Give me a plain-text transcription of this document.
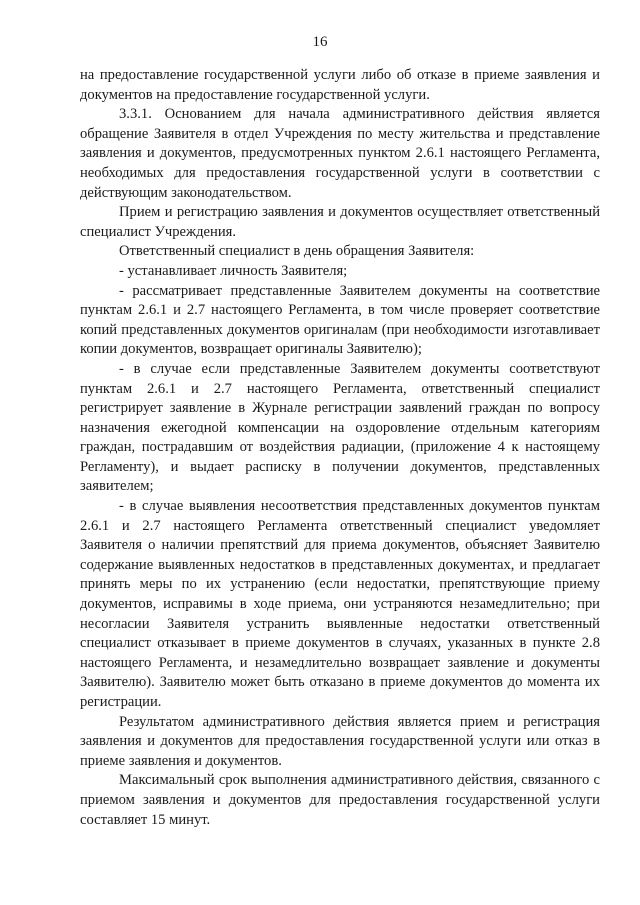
16

на предоставление государственной услуги либо об отказе в приеме заявления и документов на предоставление государственной услуги.

3.3.1. Основанием для начала административного действия является обращение Заявителя в отдел Учреждения по месту жительства и представление заявления и документов, предусмотренных пунктом 2.6.1 настоящего Регламента, необходимых для предоставления государственной услуги в соответствии с действующим законодательством.

Прием и регистрацию заявления и документов осуществляет ответственный специалист Учреждения.

Ответственный специалист в день обращения Заявителя:

- устанавливает личность Заявителя;

- рассматривает представленные Заявителем документы на соответствие пунктам 2.6.1 и 2.7 настоящего Регламента, в том числе проверяет соответствие копий представленных документов оригиналам (при необходимости изготавливает копии документов, возвращает оригиналы Заявителю);

- в случае если представленные Заявителем документы соответствуют пунктам 2.6.1 и 2.7 настоящего Регламента, ответственный специалист регистрирует заявление в Журнале регистрации заявлений граждан по вопросу назначения ежегодной компенсации на оздоровление отдельным категориям граждан, пострадавшим от воздействия радиации, (приложение 4 к настоящему Регламенту), и выдает расписку в получении документов, представленных заявителем;

- в случае выявления несоответствия представленных документов пунктам 2.6.1 и 2.7 настоящего Регламента ответственный специалист уведомляет Заявителя о наличии препятствий для приема документов, объясняет Заявителю содержание выявленных недостатков в представленных документах, и предлагает принять меры по их устранению (если недостатки, препятствующие приему документов, исправимы в ходе приема, они устраняются незамедлительно; при несогласии Заявителя устранить выявленные недостатки ответственный специалист отказывает в приеме документов в случаях, указанных в пункте 2.8 настоящего Регламента, и незамедлительно возвращает заявление и документы Заявителю). Заявителю может быть отказано в приеме документов до момента их регистрации.

Результатом административного действия является прием и регистрация заявления и документов для предоставления государственной услуги или отказ в приеме заявления и документов.

Максимальный срок выполнения административного действия, связанного с приемом заявления и документов для предоставления государственной услуги составляет 15 минут.
